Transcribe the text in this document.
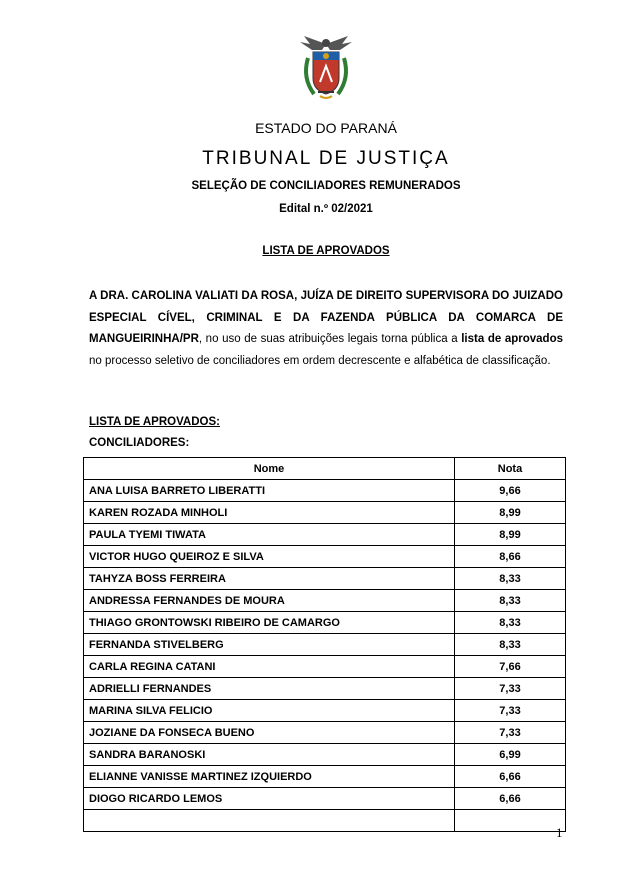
ESTADO DO PARANÁ
TRIBUNAL DE JUSTIÇA
SELEÇÃO DE CONCILIADORES REMUNERADOS
Edital n.º 02/2021
LISTA DE APROVADOS
A DRA. CAROLINA VALIATI DA ROSA, JUÍZA DE DIREITO SUPERVISORA DO JUIZADO ESPECIAL CÍVEL, CRIMINAL E DA FAZENDA PÚBLICA DA COMARCA DE MANGUEIRINHA/PR, no uso de suas atribuições legais torna pública a lista de aprovados no processo seletivo de conciliadores em ordem decrescente e alfabética de classificação.
LISTA DE APROVADOS:
CONCILIADORES:
Nome	Nota
ANA LUISA BARRETO LIBERATTI	9,66
KAREN ROZADA MINHOLI	8,99
PAULA TYEMI TIWATA	8,99
VICTOR HUGO QUEIROZ E SILVA	8,66
TAHYZA BOSS FERREIRA	8,33
ANDRESSA FERNANDES DE MOURA	8,33
THIAGO GRONTOWSKI RIBEIRO DE CAMARGO	8,33
FERNANDA STIVELBERG	8,33
CARLA REGINA CATANI	7,66
ADRIELLI FERNANDES	7,33
MARINA SILVA FELICIO	7,33
JOZIANE DA FONSECA BUENO	7,33
SANDRA BARANOSKI	6,99
ELIANNE VANISSE MARTINEZ IZQUIERDO	6,66
DIOGO RICARDO LEMOS	6,66

1
